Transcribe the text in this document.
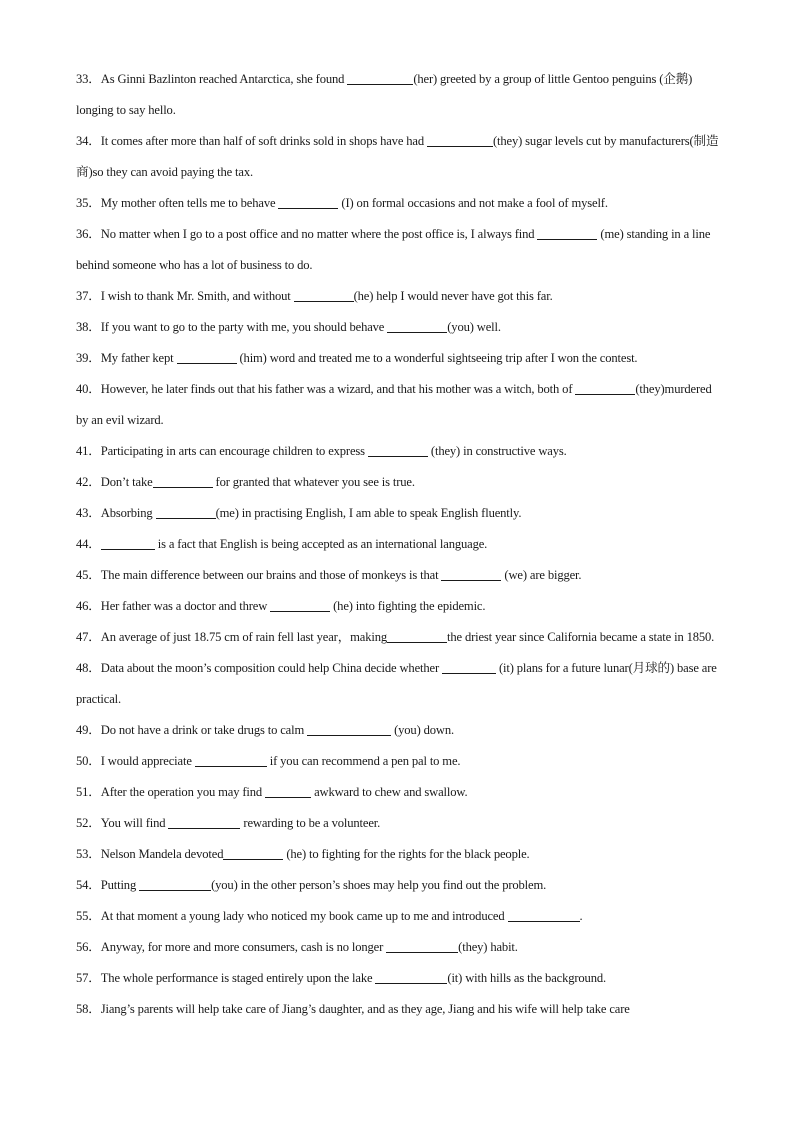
33．As Ginni Bazlinton reached Antarctica, she found	(her) greeted by a group of little Gentoo penguins (企鹅) longing to say hello.

34．It comes after more than half of soft drinks sold in shops have had	(they) sugar levels cut by manufacturers(制造商)so they can avoid paying the tax.

35．My mother often tells me to behave	(I) on formal occasions and not make a fool of myself.

36．No matter when I go to a post office and no matter where the post office is, I always find	(me) standing in a line behind someone who has a lot of business to do.

37．I wish to thank Mr. Smith, and without	(he) help I would never have got this far.

38．If you want to go to the party with me, you should behave	(you) well.

39．My father kept	(him) word and treated me to a wonderful sightseeing trip after I won the contest.

40．However, he later finds out that his father was a wizard, and that his mother was a witch, both of	(they)murdered by an evil wizard.

41．Participating in arts can encourage children to express	(they) in constructive ways.

42．Don’t take	for granted that whatever you see is true.

43．Absorbing	(me) in practising English, I am able to speak English fluently.

44．	is a fact that English is being accepted as an international language.

45．The main difference between our brains and those of monkeys is that	(we) are bigger.

46．Her father was a doctor and threw	(he) into fighting the epidemic.

47．An average of just 18.75 cm of rain fell last year，making	the driest year since California became a state in 1850.

48．Data about the moon’s composition could help China decide whether	(it) plans for a future lunar(月球的) base are practical.

49．Do not have a drink or take drugs to calm	(you) down.

50．I would appreciate	if you can recommend a pen pal to me.

51．After the operation you may find	awkward to chew and swallow.

52．You will find	rewarding to be a volunteer.

53．Nelson Mandela devoted	(he) to fighting for the rights for the black people.

54．Putting	(you) in the other person’s shoes may help you find out the problem.

55．At that moment a young lady who noticed my book came up to me and introduced	.

56．Anyway, for more and more consumers, cash is no longer	(they) habit.

57．The whole performance is staged entirely upon the lake	(it) with hills as the background.

58．Jiang’s parents will help take care of Jiang’s daughter, and as they age, Jiang and his wife will help take care
